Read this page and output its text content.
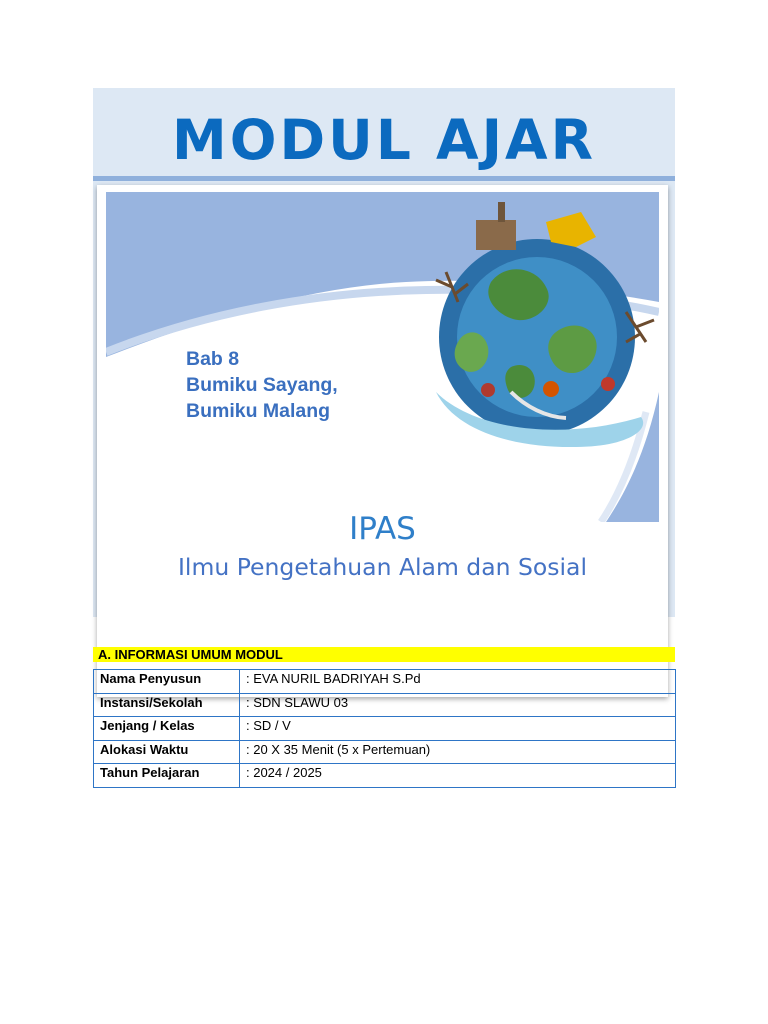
MODUL AJAR
Bab 8
Bumiku Sayang,
Bumiku Malang
IPAS
Ilmu Pengetahuan Alam dan Sosial
A. INFORMASI UMUM MODUL
Nama Penyusun	: EVA NURIL BADRIYAH S.Pd
Instansi/Sekolah	: SDN SLAWU 03
Jenjang / Kelas	: SD / V
Alokasi Waktu	: 20 X 35 Menit (5 x Pertemuan)
Tahun Pelajaran	: 2024 / 2025
